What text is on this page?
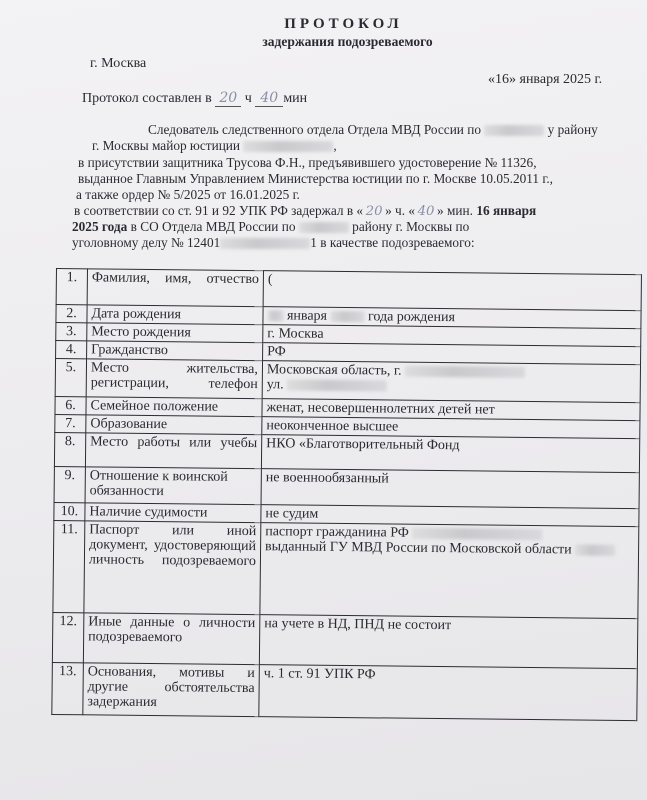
ПРОТОКОЛ
задержания подозреваемого
г. Москва
«16» января 2025 г.
Протокол составлен в 20 ч 40 мин
Следователь следственного отдела Отдела МВД России по	у району
г. Москвы майор юстиции	,
в присутствии защитника Трусова Ф.Н., предъявившего удостоверение № 11326,
выданное Главным Управлением Министерства юстиции по г. Москве 10.05.2011 г.,
а также ордер № 5/2025 от 16.01.2025 г.
в соответствии со ст. 91 и 92 УПК РФ задержал в « 20 » ч. « 40 » мин. 16 января
2025 года в СО Отдела МВД России по	району г. Москвы по
уголовному делу № 12401	1 в качестве подозреваемого:
1.	Фамилия, имя, отчество	(
2.	Дата рождения	января года рождения
3.	Место рождения	г. Москва
4.	Гражданство	РФ
5.	Место жительства, регистрации, телефон	Московская область, г.
ул.
6.	Семейное положение	женат, несовершеннолетних детей нет
7.	Образование	неоконченное высшее
8.	Место работы или учебы	НКО «Благотворительный Фонд
9.	Отношение к воинской обязанности	не военнообязанный
10.	Наличие судимости	не судим
11.	Паспорт или иной документ, удостоверяющий личность подозреваемого	паспорт гражданина РФ
выданный ГУ МВД России по Московской области
12.	Иные данные о личности подозреваемого	на учете в НД, ПНД не состоит
13.	Основания, мотивы и другие обстоятельства задержания	ч. 1 ст. 91 УПК РФ
